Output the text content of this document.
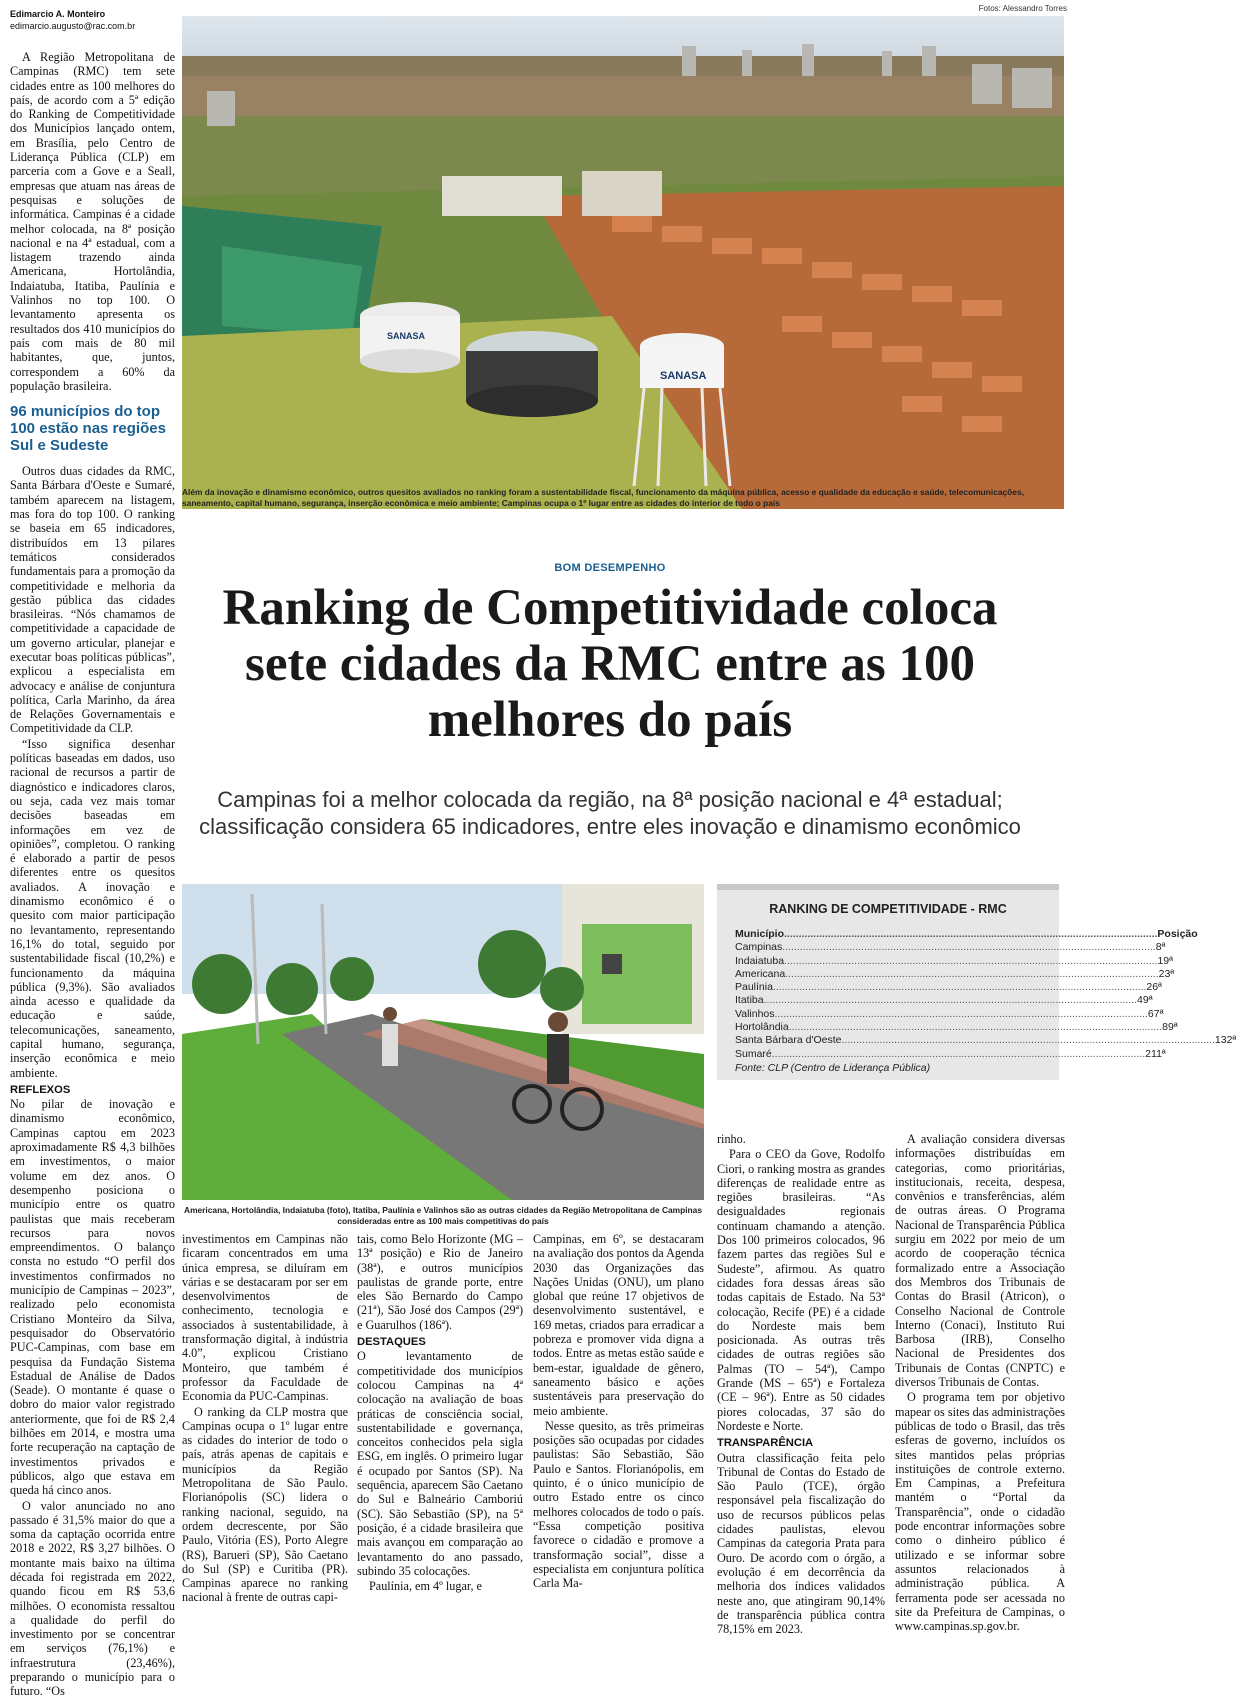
Edimarcio A. Monteiro
edimarcio.augusto@rac.com.br
Fotos: Alessandro Torres

A Região Metropolitana de Campinas (RMC) tem sete cidades entre as 100 melhores do país, de acordo com a 5ª edição do Ranking de Competitividade dos Municípios lançado ontem, em Brasília, pelo Centro de Liderança Pública (CLP) em parceria com a Gove e a Seall, empresas que atuam nas áreas de pesquisas e soluções de informática. Campinas é a cidade melhor colocada, na 8ª posição nacional e na 4ª estadual, com a listagem trazendo ainda Americana, Hortolândia, Indaiatuba, Itatiba, Paulínia e Valinhos no top 100. O levantamento apresenta os resultados dos 410 municípios do país com mais de 80 mil habitantes, que, juntos, correspondem a 60% da população brasileira.

96 municípios do top 100 estão nas regiões Sul e Sudeste

Outros duas cidades da RMC, Santa Bárbara d'Oeste e Sumaré, também aparecem na listagem, mas fora do top 100. O ranking se baseia em 65 indicadores, distribuídos em 13 pilares temáticos considerados fundamentais para a promoção da competitividade e melhoria da gestão pública das cidades brasileiras. “Nós chamamos de competitividade a capacidade de um governo articular, planejar e executar boas políticas públicas”, explicou a especialista em advocacy e análise de conjuntura política, Carla Marinho, da área de Relações Governamentais e Competitividade da CLP.

“Isso significa desenhar políticas baseadas em dados, uso racional de recursos a partir de diagnóstico e indicadores claros, ou seja, cada vez mais tomar decisões baseadas em informações em vez de opiniões”, completou. O ranking é elaborado a partir de pesos diferentes entre os quesitos avaliados. A inovação e dinamismo econômico é o quesito com maior participação no levantamento, representando 16,1% do total, seguido por sustentabilidade fiscal (10,2%) e funcionamento da máquina pública (9,3%). São avaliados ainda acesso e qualidade da educação e saúde, telecomunicações, saneamento, capital humano, segurança, inserção econômica e meio ambiente.

REFLEXOS

No pilar de inovação e dinamismo econômico, Campinas captou em 2023 aproximadamente R$ 4,3 bilhões em investimentos, o maior volume em dez anos. O desempenho posiciona o município entre os quatro paulistas que mais receberam recursos para novos empreendimentos. O balanço consta no estudo “O perfil dos investimentos confirmados no município de Campinas – 2023”, realizado pelo economista Cristiano Monteiro da Silva, pesquisador do Observatório PUC-Campinas, com base em pesquisa da Fundação Sistema Estadual de Análise de Dados (Seade). O montante é quase o dobro do maior valor registrado anteriormente, que foi de R$ 2,4 bilhões em 2014, e mostra uma forte recuperação na captação de investimentos privados e públicos, algo que estava em queda há cinco anos.

O valor anunciado no ano passado é 31,5% maior do que a soma da captação ocorrida entre 2018 e 2022, R$ 3,27 bilhões. O montante mais baixo na última década foi registrada em 2022, quando ficou em R$ 53,6 milhões. O economista ressaltou a qualidade do perfil do investimento por se concentrar em serviços (76,1%) e infraestrutura (23,46%), preparando o município para o futuro. “Os

SANASA
SANASA
Além da inovação e dinamismo econômico, outros quesitos avaliados no ranking foram a sustentabilidade fiscal, funcionamento da máquina pública, acesso e qualidade da educação e saúde, telecomunicações, saneamento, capital humano, segurança, inserção econômica e meio ambiente; Campinas ocupa o 1º lugar entre as cidades do interior de todo o país
BOM DESEMPENHO
Ranking de Competitividade coloca sete cidades da RMC entre as 100 melhores do país
Campinas foi a melhor colocada da região, na 8ª posição nacional e 4ª estadual; classificação considera 65 indicadores, entre eles inovação e dinamismo econômico
Americana, Hortolândia, Indaiatuba (foto), Itatiba, Paulínia e Valinhos são as outras cidades da Região Metropolitana de Campinas consideradas entre as 100 mais competitivas do país
RANKING DE COMPETITIVIDADE - RMC
Município .....	Posição
Campinas .....	8ª
Indaiatuba .....	19ª
Americana .....	23ª
Paulínia .....	26ª
Itatiba .....	49ª
Valinhos .....	67ª
Hortolândia .....	89ª
Santa Bárbara d'Oeste .....	132ª
Sumaré .....	211ª
Fonte: CLP (Centro de Liderança Pública)

investimentos em Campinas não ficaram concentrados em uma única empresa, se diluíram em várias e se destacaram por ser em desenvolvimentos de conhecimento, tecnologia e associados à sustentabilidade, à transformação digital, à indústria 4.0”, explicou Cristiano Monteiro, que também é professor da Faculdade de Economia da PUC-Campinas.

O ranking da CLP mostra que Campinas ocupa o 1º lugar entre as cidades do interior de todo o país, atrás apenas de capitais e municípios da Região Metropolitana de São Paulo. Florianópolis (SC) lidera o ranking nacional, seguido, na ordem decrescente, por São Paulo, Vitória (ES), Porto Alegre (RS), Barueri (SP), São Caetano do Sul (SP) e Curitiba (PR). Campinas aparece no ranking nacional à frente de outras capi-

tais, como Belo Horizonte (MG – 13ª posição) e Rio de Janeiro (38ª), e outros municípios paulistas de grande porte, entre eles São Bernardo do Campo (21ª), São José dos Campos (29ª) e Guarulhos (186ª).

DESTAQUES

O levantamento de competitividade dos municípios colocou Campinas na 4ª colocação na avaliação de boas práticas de consciência social, sustentabilidade e governança, conceitos conhecidos pela sigla ESG, em inglês. O primeiro lugar é ocupado por Santos (SP). Na sequência, aparecem São Caetano do Sul e Balneário Camboriú (SC). São Sebastião (SP), na 5ª posição, é a cidade brasileira que mais avançou em comparação ao levantamento do ano passado, subindo 35 colocações.

Paulínia, em 4º lugar, e

Campinas, em 6º, se destacaram na avaliação dos pontos da Agenda 2030 das Organizações das Nações Unidas (ONU), um plano global que reúne 17 objetivos de desenvolvimento sustentável, e 169 metas, criados para erradicar a pobreza e promover vida digna a todos. Entre as metas estão saúde e bem-estar, igualdade de gênero, saneamento básico e ações sustentáveis para preservação do meio ambiente.

Nesse quesito, as três primeiras posições são ocupadas por cidades paulistas: São Sebastião, São Paulo e Santos. Florianópolis, em quinto, é o único município de outro Estado entre os cinco melhores colocados de todo o país. “Essa competição positiva favorece o cidadão e promove a transformação social”, disse a especialista em conjuntura política Carla Ma-

rinho.

Para o CEO da Gove, Rodolfo Ciori, o ranking mostra as grandes diferenças de realidade entre as regiões brasileiras. “As desigualdades regionais continuam chamando a atenção. Dos 100 primeiros colocados, 96 fazem partes das regiões Sul e Sudeste”, afirmou. As quatro cidades fora dessas áreas são todas capitais de Estado. Na 53ª colocação, Recife (PE) é a cidade do Nordeste mais bem posicionada. As outras três cidades de outras regiões são Palmas (TO – 54ª), Campo Grande (MS – 65ª) e Fortaleza (CE – 96ª). Entre as 50 cidades piores colocadas, 37 são do Nordeste e Norte.

TRANSPARÊNCIA

Outra classificação feita pelo Tribunal de Contas do Estado de São Paulo (TCE), órgão responsável pela fiscalização do uso de recursos públicos pelas cidades paulistas, elevou Campinas da categoria Prata para Ouro. De acordo com o órgão, a evolução é em decorrência da melhoria dos índices validados neste ano, que atingiram 90,14% de transparência pública contra 78,15% em 2023.

A avaliação considera diversas informações distribuídas em categorias, como prioritárias, institucionais, receita, despesa, convênios e transferências, além de outras áreas. O Programa Nacional de Transparência Pública surgiu em 2022 por meio de um acordo de cooperação técnica formalizado entre a Associação dos Membros dos Tribunais de Contas do Brasil (Atricon), o Conselho Nacional de Controle Interno (Conaci), Instituto Rui Barbosa (IRB), Conselho Nacional de Presidentes dos Tribunais de Contas (CNPTC) e diversos Tribunais de Contas.

O programa tem por objetivo mapear os sites das administrações públicas de todo o Brasil, das três esferas de governo, incluídos os sites mantidos pelas próprias instituições de controle externo. Em Campinas, a Prefeitura mantém o “Portal da Transparência”, onde o cidadão pode encontrar informações sobre como o dinheiro público é utilizado e se informar sobre assuntos relacionados à administração pública. A ferramenta pode ser acessada no site da Prefeitura de Campinas, o www.campinas.sp.gov.br.
